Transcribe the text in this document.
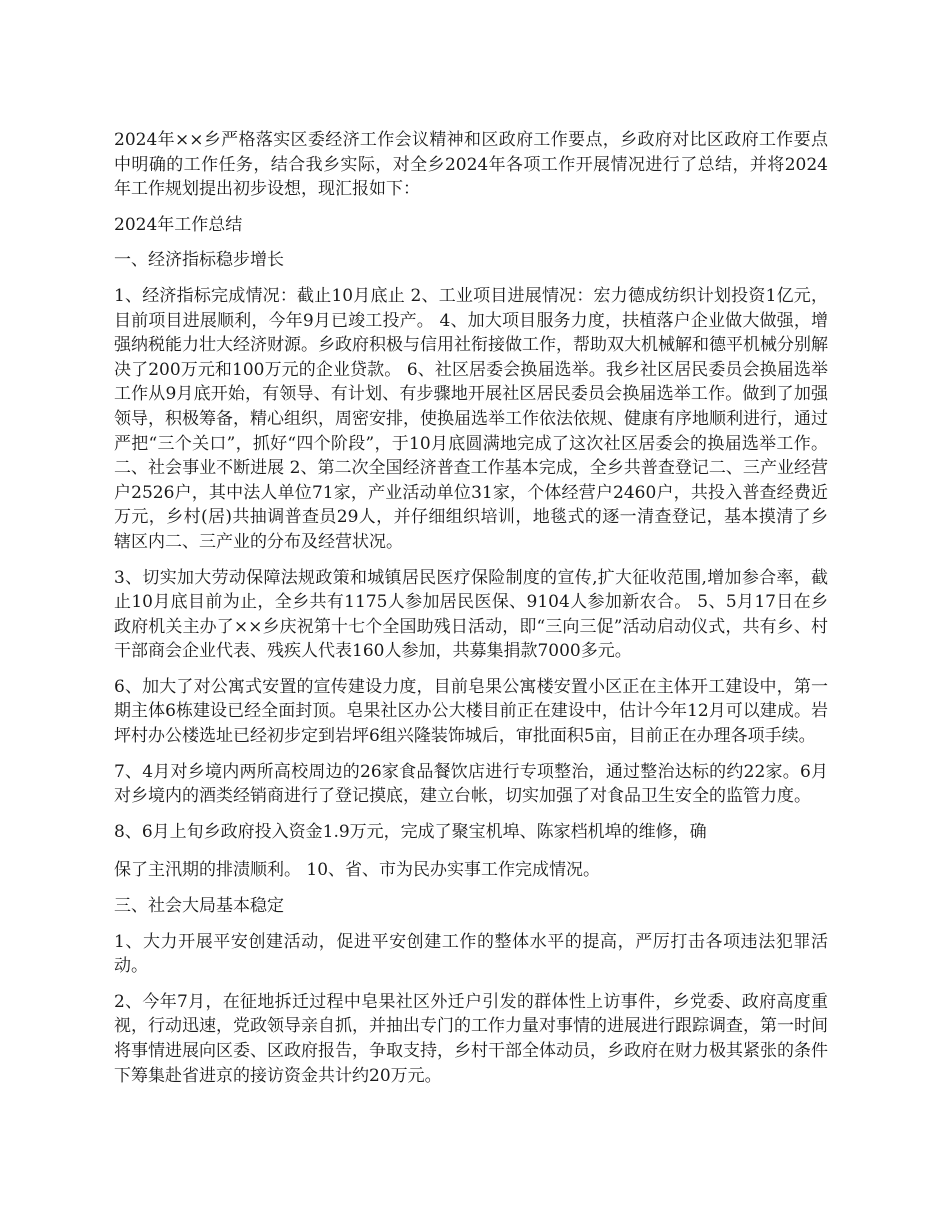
2024年××乡严格落实区委经济工作会议精神和区政府工作要点，乡政府对比区政府工作要点中明确的工作任务，结合我乡实际，对全乡2024年各项工作开展情况进行了总结，并将2024年工作规划提出初步设想，现汇报如下：

2024年工作总结

一、经济指标稳步增长

1、经济指标完成情况：截止10月底止 2、工业项目进展情况：宏力德成纺织计划投资1亿元，目前项目进展顺利，今年9月已竣工投产。 4、加大项目服务力度，扶植落户企业做大做强，增强纳税能力壮大经济财源。乡政府积极与信用社衔接做工作，帮助双大机械解和德平机械分别解决了200万元和100万元的企业贷款。 6、社区居委会换届选举。我乡社区居民委员会换届选举工作从9月底开始，有领导、有计划、有步骤地开展社区居民委员会换届选举工作。做到了加强领导，积极筹备，精心组织，周密安排，使换届选举工作依法依规、健康有序地顺利进行，通过严把“三个关口”，抓好“四个阶段”，于10月底圆满地完成了这次社区居委会的换届选举工作。 二、社会事业不断进展 2、第二次全国经济普查工作基本完成，全乡共普查登记二、三产业经营户2526户，其中法人单位71家，产业活动单位31家，个体经营户2460户，共投入普查经费近万元，乡村(居)共抽调普查员29人，并仔细组织培训，地毯式的逐一清查登记，基本摸清了乡辖区内二、三产业的分布及经营状况。

3、切实加大劳动保障法规政策和城镇居民医疗保险制度的宣传,扩大征收范围,增加参合率，截止10月底目前为止，全乡共有1175人参加居民医保、9104人参加新农合。 5、5月17日在乡政府机关主办了××乡庆祝第十七个全国助残日活动，即“三向三促”活动启动仪式，共有乡、村干部商会企业代表、残疾人代表160人参加，共募集捐款7000多元。

6、加大了对公寓式安置的宣传建设力度，目前皂果公寓楼安置小区正在主体开工建设中，第一期主体6栋建设已经全面封顶。皂果社区办公大楼目前正在建设中，估计今年12月可以建成。岩坪村办公楼选址已经初步定到岩坪6组兴隆装饰城后，审批面积5亩，目前正在办理各项手续。

7、4月对乡境内两所高校周边的26家食品餐饮店进行专项整治，通过整治达标的约22家。6月对乡境内的酒类经销商进行了登记摸底，建立台帐，切实加强了对食品卫生安全的监管力度。

8、6月上旬乡政府投入资金1.9万元，完成了聚宝机埠、陈家档机埠的维修，确

保了主汛期的排渍顺利。 10、省、市为民办实事工作完成情况。

三、社会大局基本稳定

1、大力开展平安创建活动，促进平安创建工作的整体水平的提高，严厉打击各项违法犯罪活动。

2、今年7月，在征地拆迁过程中皂果社区外迁户引发的群体性上访事件，乡党委、政府高度重视，行动迅速，党政领导亲自抓，并抽出专门的工作力量对事情的进展进行跟踪调查，第一时间将事情进展向区委、区政府报告，争取支持，乡村干部全体动员，乡政府在财力极其紧张的条件下筹集赴省进京的接访资金共计约20万元。
